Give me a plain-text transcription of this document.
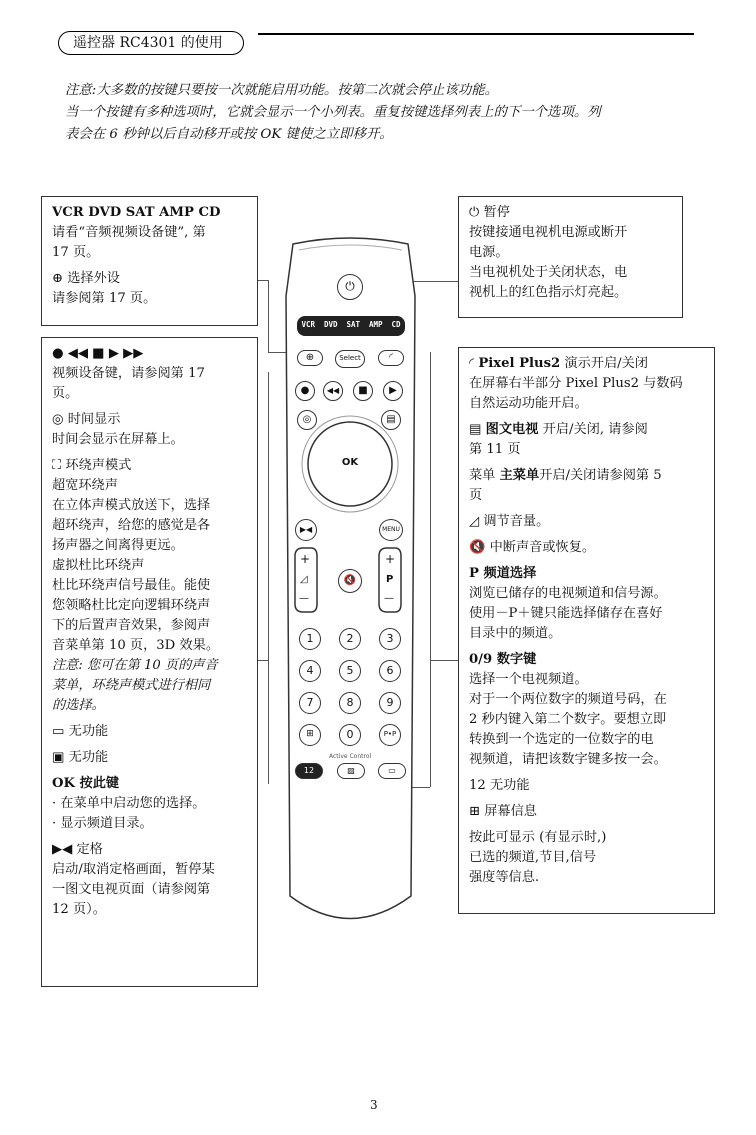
遥控器 RC4301 的使用

注意:大多数的按键只要按一次就能启用功能。按第二次就会停止该功能。

当一个按键有多种选项时，它就会显示一个小列表。重复按键选择列表上的下一个选项。列

表会在 6 秒钟以后自动移开或按 OK 键使之立即移开。

VCR DVD SAT AMP CD

请看“音频视频设备键”, 第

17 页。

⊕ 选择外设

请参阅第 17 页。

⏻ 暂停

按键接通电视机电源或断开

电源。

当电视机处于关闭状态，电

视机上的红色指示灯亮起。

● ◀◀ ■ ▶ ▶▶

视频设备键，请参阅第 17

页。

◎ 时间显示

时间会显示在屏幕上。

⛶ 环绕声模式

超宽环绕声

在立体声模式放送下，选择

超环绕声，给您的感觉是各

扬声器之间离得更远。

虚拟杜比环绕声

杜比环绕声信号最佳。能使

您领略杜比定向逻辑环绕声

下的后置声音效果，参阅声

音菜单第 10 页，3D 效果。

注意: 您可在第 10 页的声音

菜单，环绕声模式进行相同

的选择。

▭ 无功能

▣ 无功能

OK 按此键

· 在菜单中启动您的选择。

· 显示频道目录。

▶◀ 定格

启动/取消定格画面，暂停某

一图文电视页面（请参阅第

12 页）。

◜ Pixel Plus2 演示开启/关闭

在屏幕右半部分 Pixel Plus2 与数码

自然运动功能开启。

▤ 图文电视 开启/关闭, 请参阅

第 11 页

菜单 主菜单开启/关闭请参阅第 5

页

◿ 调节音量。

🔇 中断声音或恢复。

P 频道选择

浏览已储存的电视频道和信号源。

使用－P＋键只能选择储存在喜好

目录中的频道。

0/9 数字键

选择一个电视频道。

对于一个两位数字的频道号码，在

2 秒内键入第二个数字。要想立即

转换到一个选定的一位数字的电

视频道，请把该数字键多按一会。

12 无功能

⊞ 屏幕信息

按此可显示 (有显示时,)

已选的频道,节目,信号

强度等信息.

⏻
VCR DVD SAT AMP CD
⊕	Select	◜
●	◀◀	■	▶
◎	▤
OK
▶◀	MENU
+
◿
—
🔇
+
P
—
1	2	3
4	5	6
7	8	9
⊞	0	P•P
Active Control
12	▨	▭
3
